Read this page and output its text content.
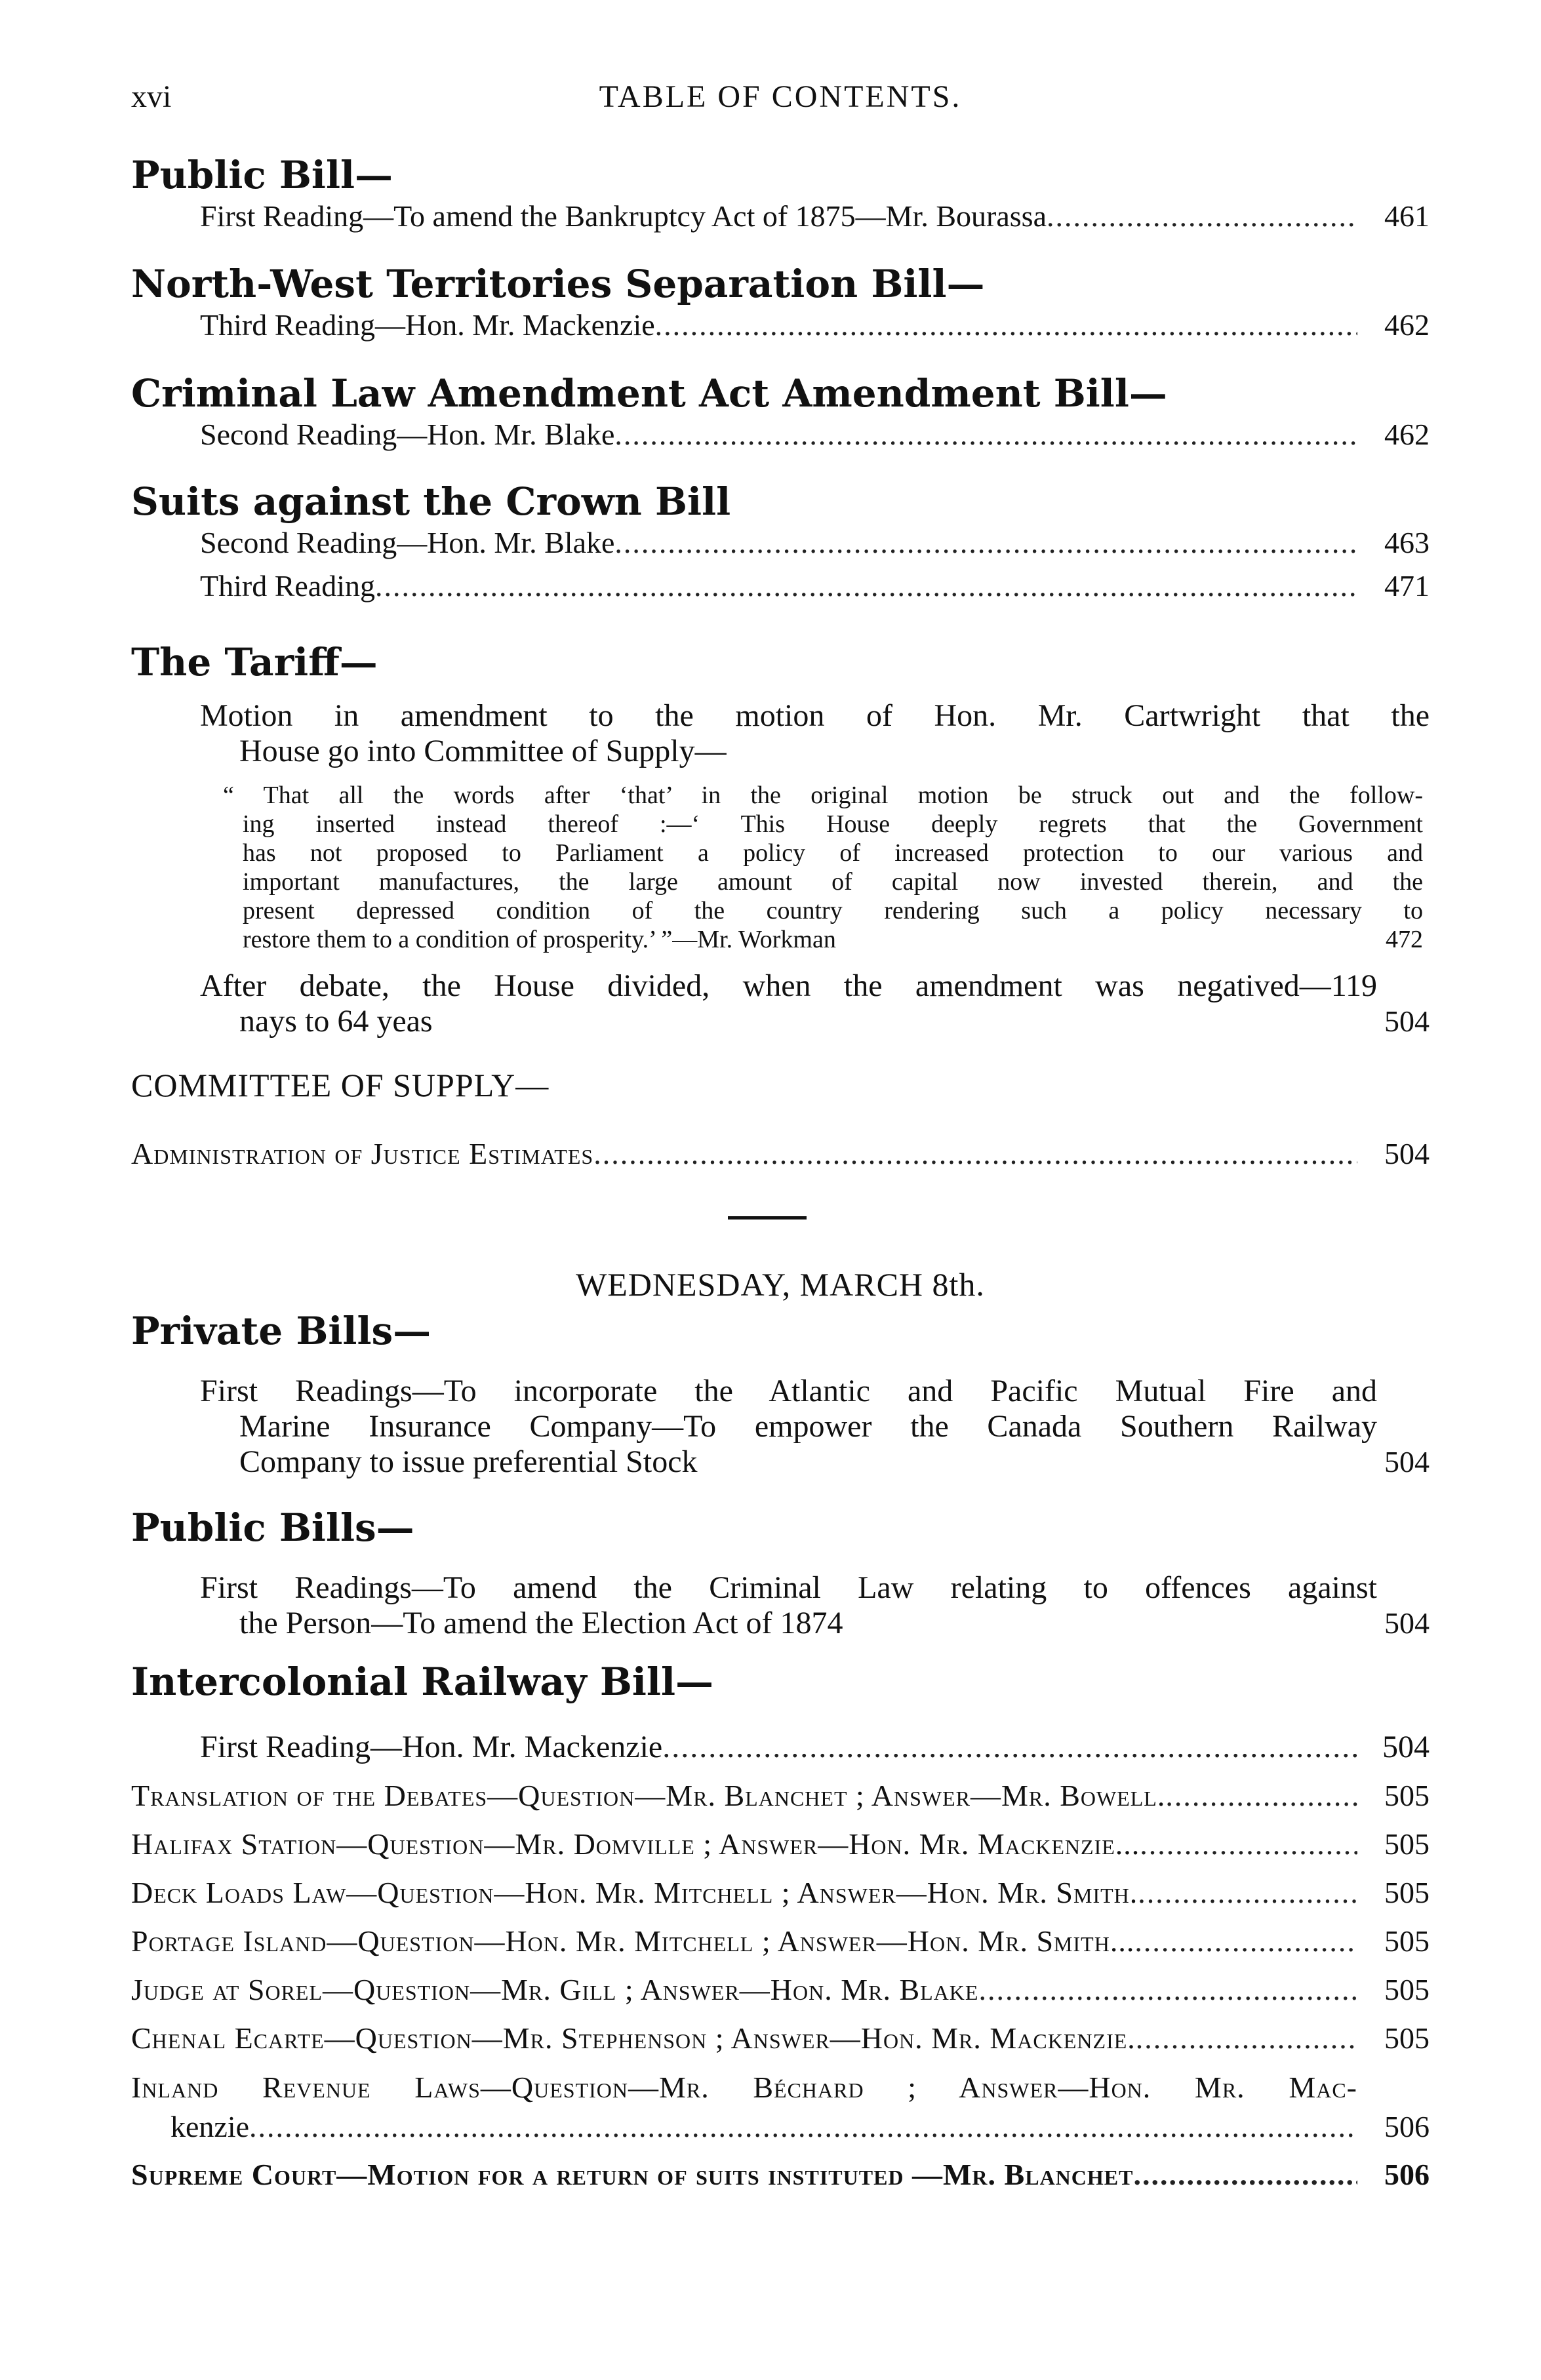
xvi	TABLE OF CONTENTS.
Public Bill—
First Reading—To amend the Bankruptcy Act of 1875—Mr. Bourassa .....	461
North-West Territories Separation Bill—
Third Reading—Hon. Mr. Mackenzie .....	462
Criminal Law Amendment Act Amendment Bill—
Second Reading—Hon. Mr. Blake .....	462
Suits against the Crown Bill
Second Reading—Hon. Mr. Blake .....	463
Third Reading .....	471
The Tariff—
Motion in amendment to the motion of Hon. Mr. Cartwright that the
House go into Committee of Supply—
“ That all the words after ‘that’ in the original motion be struck out and the follow-
ing inserted instead thereof :—‘ This House deeply regrets that the Government
has not proposed to Parliament a policy of increased protection to our various and
important manufactures, the large amount of capital now invested therein, and the
present depressed condition of the country rendering such a policy necessary to
restore them to a condition of prosperity.’ ”—Mr. Workman	472
After debate, the House divided, when the amendment was negatived—119
nays to 64 yeas	504
COMMITTEE OF SUPPLY—
Administration of Justice Estimates .....	504
WEDNESDAY, MARCH 8th.
Private Bills—
First Readings—To incorporate the Atlantic and Pacific Mutual Fire and
Marine Insurance Company—To empower the Canada Southern Railway
Company to issue preferential Stock	504
Public Bills—
First Readings—To amend the Criminal Law relating to offences against
the Person—To amend the Election Act of 1874	504
Intercolonial Railway Bill—
First Reading—Hon. Mr. Mackenzie .....	504
Translation of the Debates—Question—Mr. Blanchet ; Answer—Mr. Bowell. .....	505
Halifax Station—Question—Mr. Domville ; Answer—Hon. Mr. Mackenzie... .....	505
Deck Loads Law—Question—Hon. Mr. Mitchell ; Answer—Hon. Mr. Smith. .....	505
Portage Island—Question—Hon. Mr. Mitchell ; Answer—Hon. Mr. Smith... .....	505
Judge at Sorel—Question—Mr. Gill ; Answer—Hon. Mr. Blake .....	505
Chenal Ecarte—Question—Mr. Stephenson ; Answer—Hon. Mr. Mackenzie. .....	505
Inland Revenue Laws—Question—Mr. Béchard ; Answer—Hon. Mr. Mac-
kenzie .....	506
Supreme Court—Motion for a return of suits instituted —Mr. Blanchet .....	506
